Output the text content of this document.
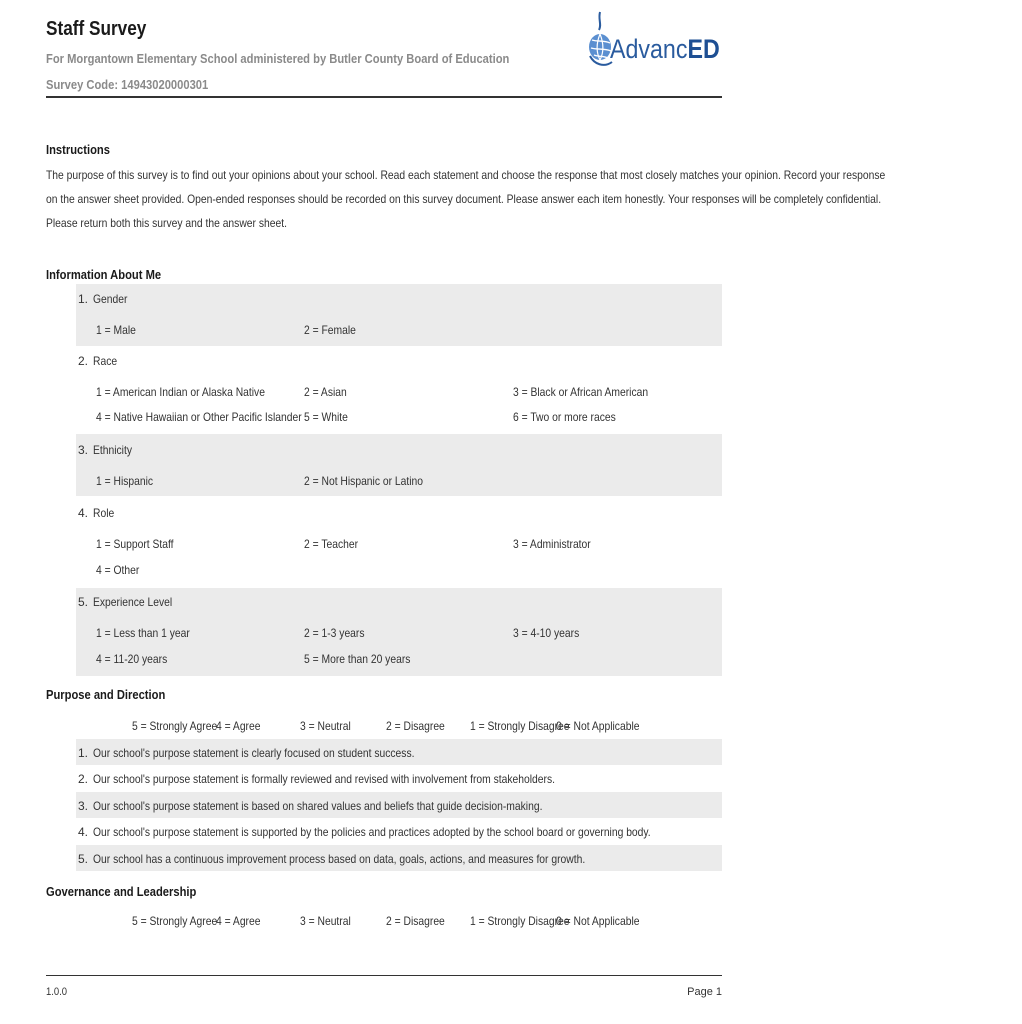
Staff Survey
For Morgantown Elementary School administered by Butler County Board of Education
Survey Code: 14943020000301
AdvancED
Instructions
The purpose of this survey is to find out your opinions about your school. Read each statement and choose the response that most closely matches your opinion. Record your response
on the answer sheet provided. Open-ended responses should be recorded on this survey document. Please answer each item honestly. Your responses will be completely confidential.
Please return both this survey and the answer sheet.
Information About Me
1. Gender
1 = Male	2 = Female
2. Race
1 = American Indian or Alaska Native	2 = Asian	3 = Black or African American
4 = Native Hawaiian or Other Pacific Islander 5 = White	6 = Two or more races
3. Ethnicity
1 = Hispanic	2 = Not Hispanic or Latino
4. Role
1 = Support Staff	2 = Teacher	3 = Administrator
4 = Other
5. Experience Level
1 = Less than 1 year	2 = 1-3 years	3 = 4-10 years
4 = 11-20 years	5 = More than 20 years
Purpose and Direction
5 = Strongly Agree
4 = Agree	3 = Neutral	2 = Disagree	1 = Strongly Disagree
0 = Not Applicable
1. Our school's purpose statement is clearly focused on student success.
2. Our school's purpose statement is formally reviewed and revised with involvement from stakeholders.
3. Our school's purpose statement is based on shared values and beliefs that guide decision-making.
4. Our school's purpose statement is supported by the policies and practices adopted by the school board or governing body.
5. Our school has a continuous improvement process based on data, goals, actions, and measures for growth.
Governance and Leadership
5 = Strongly Agree
4 = Agree	3 = Neutral	2 = Disagree	1 = Strongly Disagree
0 = Not Applicable
1.0.0	Page 1
